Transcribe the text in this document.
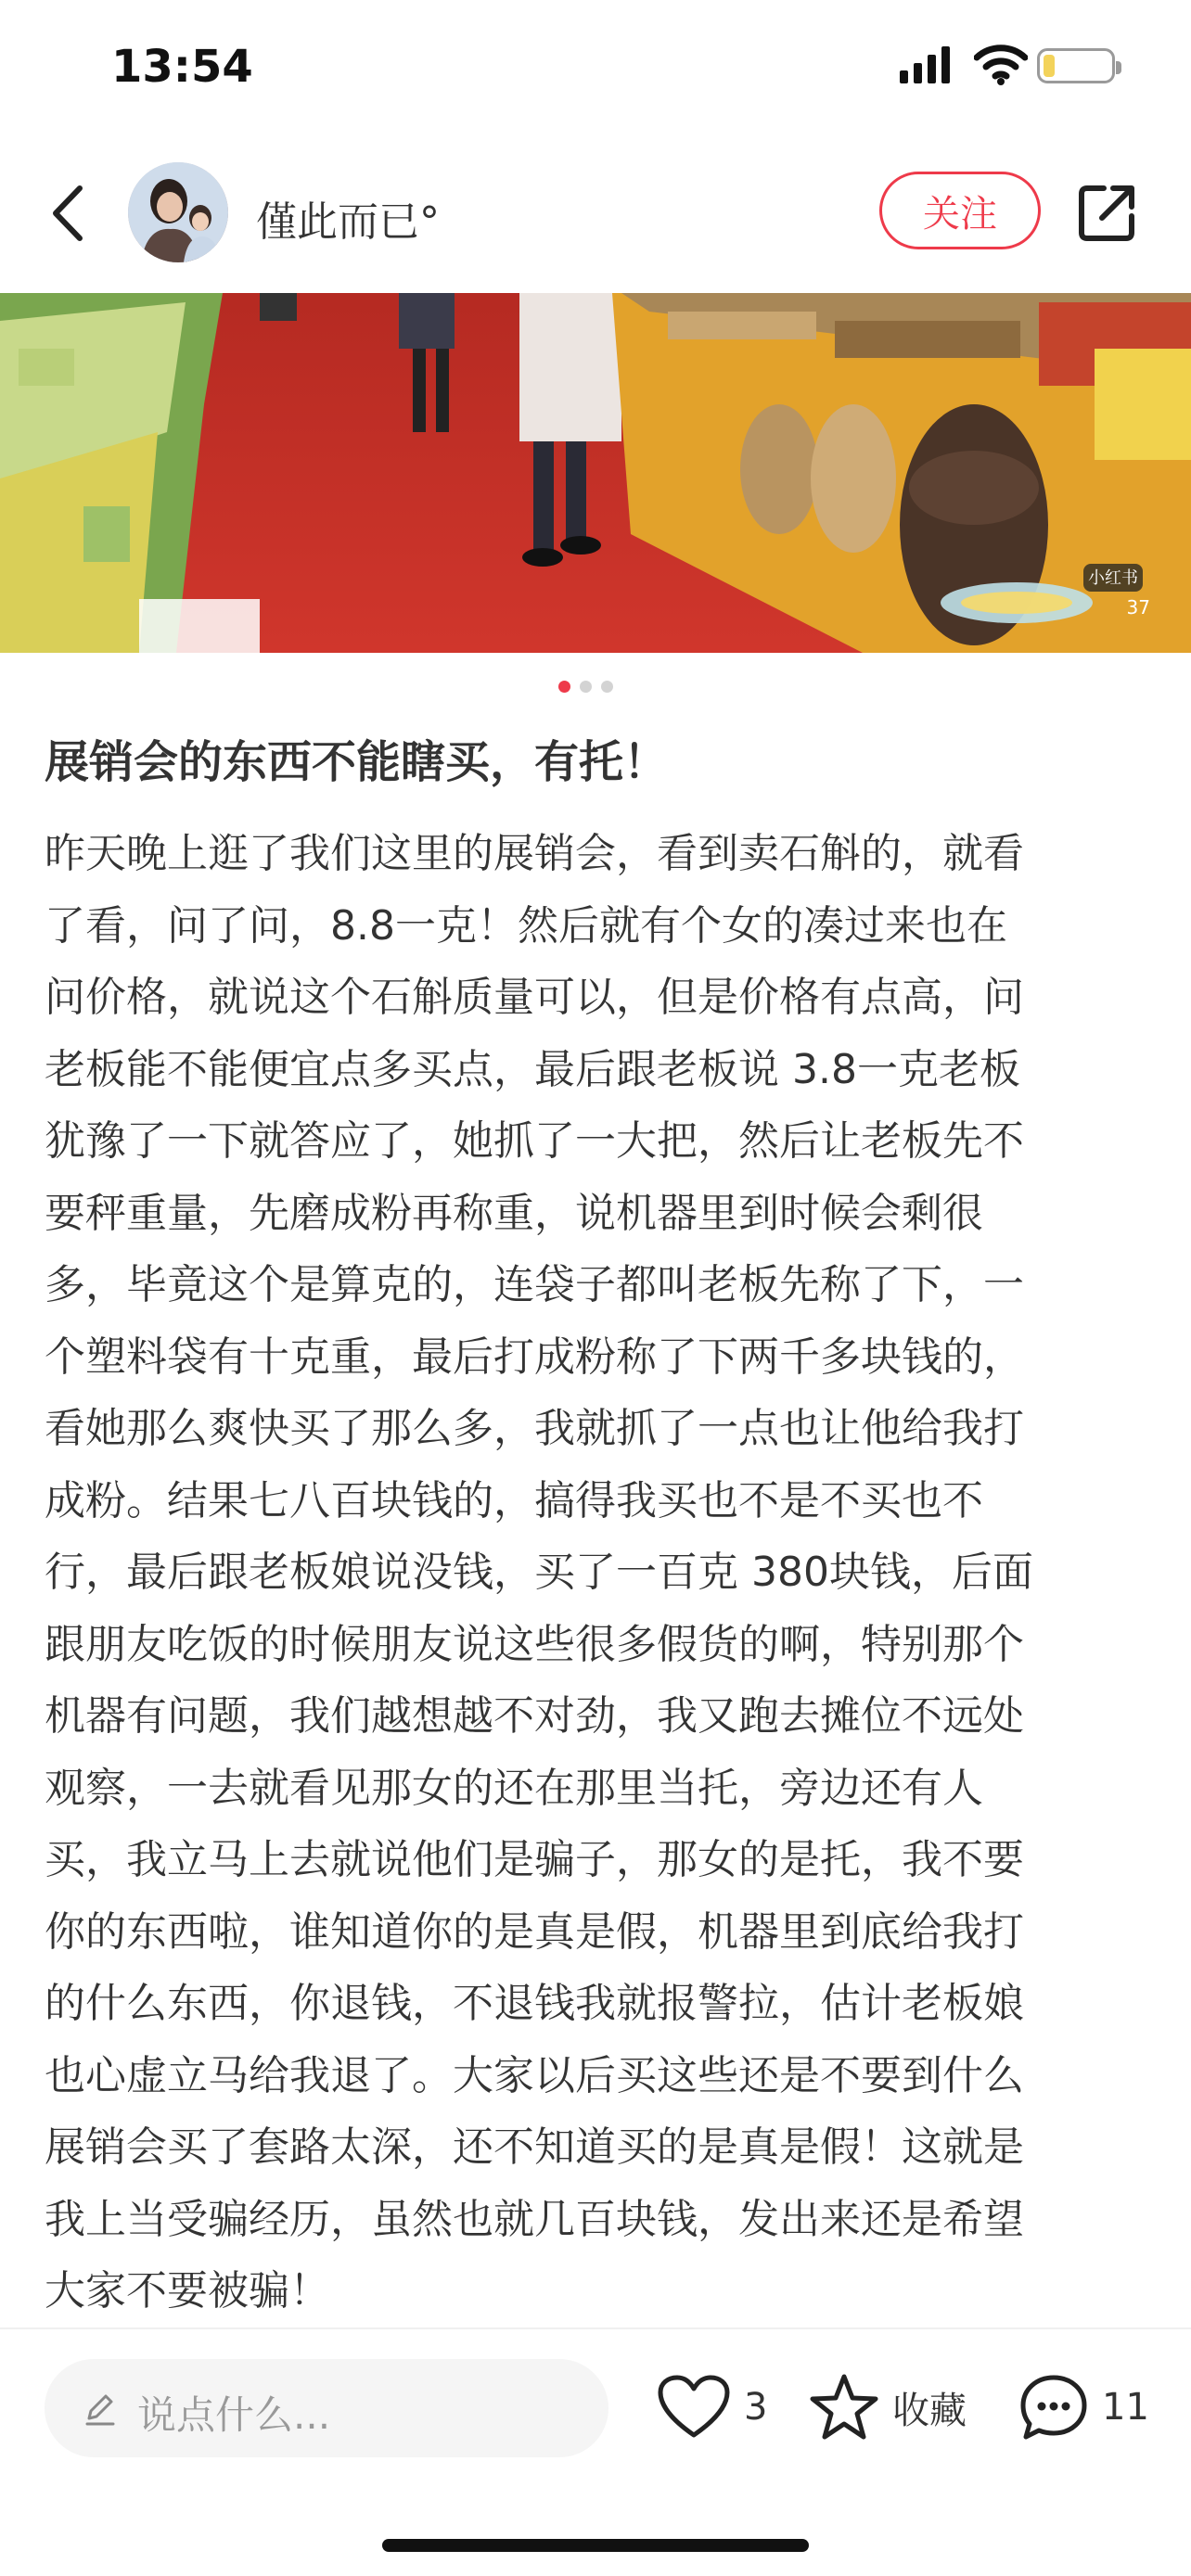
13:54
僅此而已°	关注
小红书
37
展销会的东西不能瞎买，有托！
昨天晚上逛了我们这里的展销会，看到卖石斛的，就看
了看，问了问，8.8一克！然后就有个女的凑过来也在
问价格，就说这个石斛质量可以，但是价格有点高，问
老板能不能便宜点多买点，最后跟老板说 3.8一克老板
犹豫了一下就答应了，她抓了一大把，然后让老板先不
要秤重量，先磨成粉再称重，说机器里到时候会剩很
多，毕竟这个是算克的，连袋子都叫老板先称了下，一
个塑料袋有十克重，最后打成粉称了下两千多块钱的，
看她那么爽快买了那么多，我就抓了一点也让他给我打
成粉。结果七八百块钱的，搞得我买也不是不买也不
行，最后跟老板娘说没钱，买了一百克 380块钱，后面
跟朋友吃饭的时候朋友说这些很多假货的啊，特别那个
机器有问题，我们越想越不对劲，我又跑去摊位不远处
观察，一去就看见那女的还在那里当托，旁边还有人
买，我立马上去就说他们是骗子，那女的是托，我不要
你的东西啦，谁知道你的是真是假，机器里到底给我打
的什么东西，你退钱，不退钱我就报警拉，估计老板娘
也心虚立马给我退了。大家以后买这些还是不要到什么
展销会买了套路太深，还不知道买的是真是假！这就是
我上当受骗经历，虽然也就几百块钱，发出来还是希望
大家不要被骗！
说点什么...	3	收藏	11
